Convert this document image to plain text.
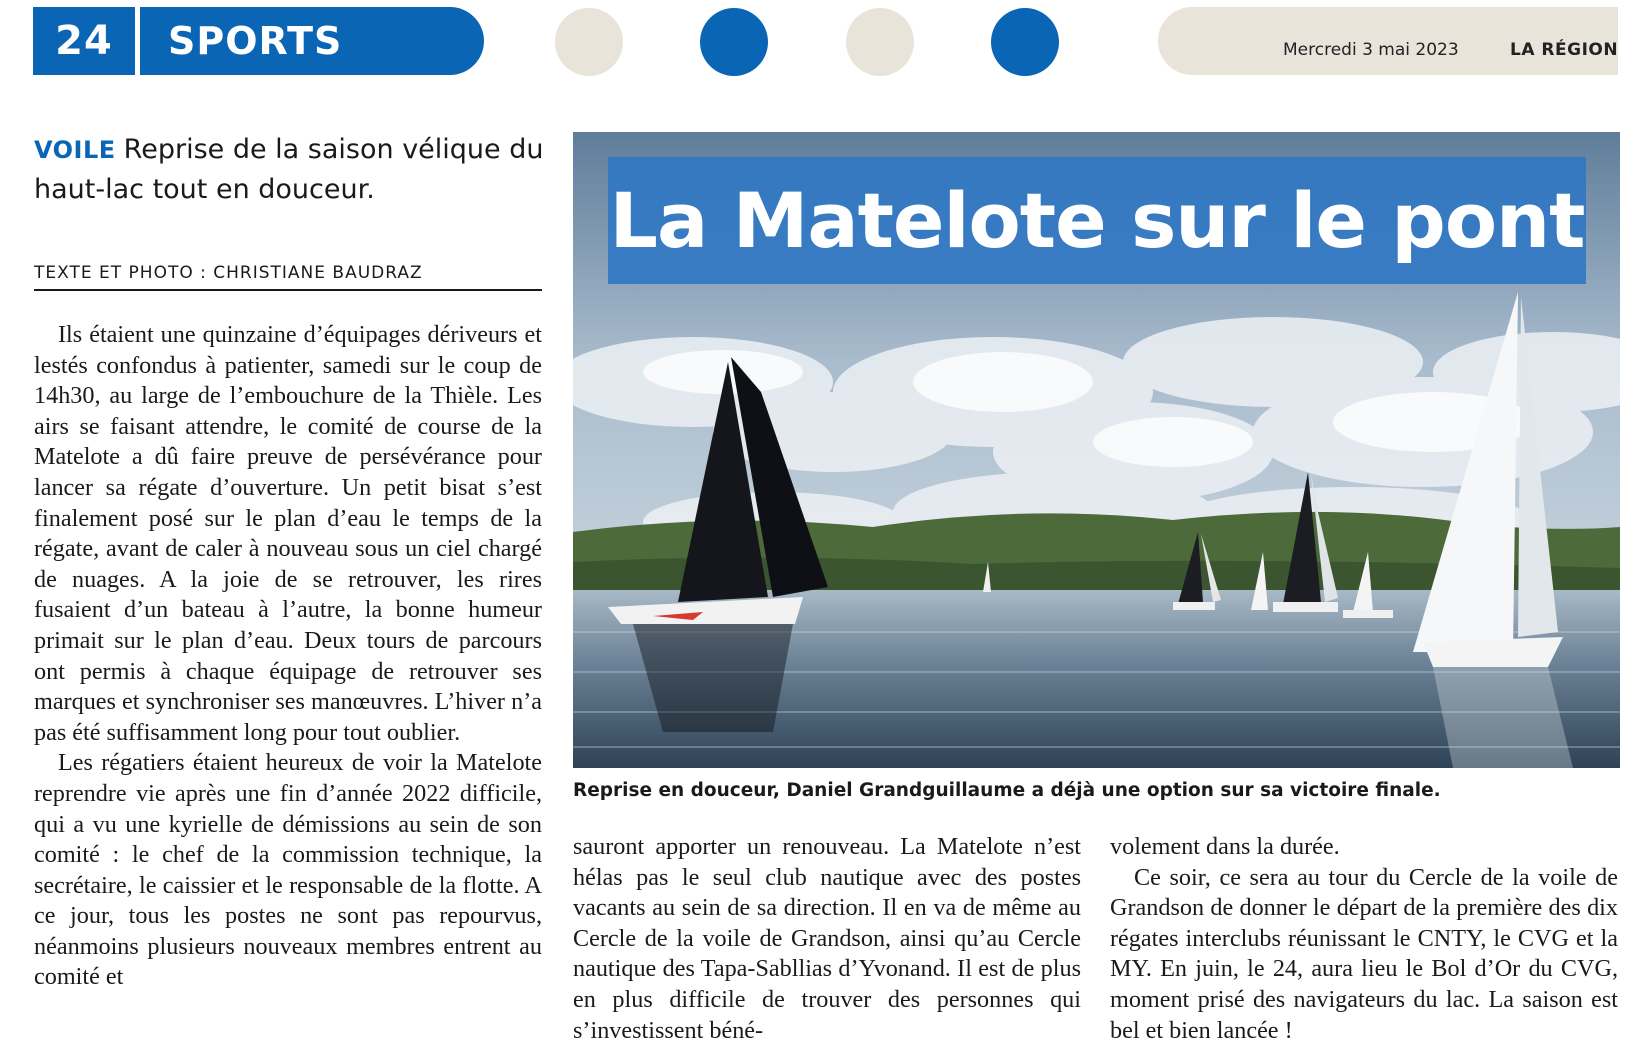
24	SPORTS	Mercredi 3 mai 2023	LA RÉGION
VOILE Reprise de la saison vélique du haut-lac tout en douceur.
TEXTE ET PHOTO : CHRISTIANE BAUDRAZ

Ils étaient une quinzaine d’équipages dériveurs et lestés confondus à patienter, samedi sur le coup de 14h30, au large de l’embouchure de la Thièle. Les airs se faisant attendre, le comité de course de la Matelote a dû faire preuve de persévérance pour lancer sa régate d’ouverture. Un petit bisat s’est finalement posé sur le plan d’eau le temps de la régate, avant de caler à nouveau sous un ciel chargé de nuages. A la joie de se retrouver, les rires fusaient d’un bateau à l’autre, la bonne humeur primait sur le plan d’eau. Deux tours de parcours ont permis à chaque équipage de retrouver ses marques et synchroniser ses manœuvres. L’hiver n’a pas été suffisamment long pour tout oublier.

Les régatiers étaient heureux de voir la Matelote reprendre vie après une fin d’année 2022 difficile, qui a vu une kyrielle de démissions au sein de son comité : le chef de la commission technique, la secrétaire, le caissier et le responsable de la flotte. A ce jour, tous les postes ne sont pas repourvus, néanmoins plusieurs nouveaux membres entrent au comité et

La Matelote sur le pont
Reprise en douceur, Daniel Grandguillaume a déjà une option sur sa victoire finale.

sauront apporter un renouveau. La Matelote n’est hélas pas le seul club nautique avec des postes vacants au sein de sa direction. Il en va de même au Cercle de la voile de Grandson, ainsi qu’au Cercle nautique des Tapa-Sabllias d’Yvonand. Il est de plus en plus difficile de trouver des personnes qui s’investissent béné-

volement dans la durée.

Ce soir, ce sera au tour du Cercle de la voile de Grandson de donner le départ de la première des dix régates interclubs réunissant le CNTY, le CVG et la MY. En juin, le 24, aura lieu le Bol d’Or du CVG, moment prisé des navigateurs du lac. La saison est bel et bien lancée !
